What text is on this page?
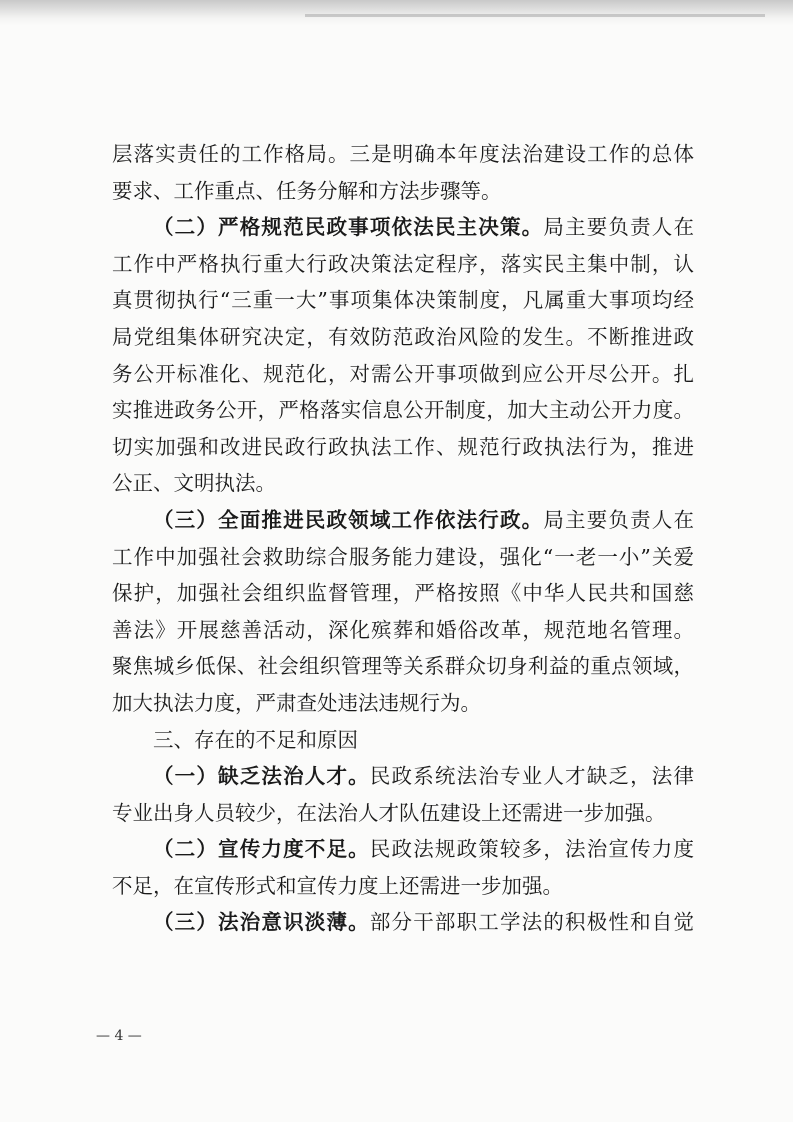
层落实责任的工作格局。三是明确本年度法治建设工作的总体
要求、工作重点、任务分解和方法步骤等。
（二）严格规范民政事项依法民主决策。局主要负责人在
工作中严格执行重大行政决策法定程序，落实民主集中制，认
真贯彻执行“三重一大”事项集体决策制度，凡属重大事项均经
局党组集体研究决定，有效防范政治风险的发生。不断推进政
务公开标准化、规范化，对需公开事项做到应公开尽公开。扎
实推进政务公开，严格落实信息公开制度，加大主动公开力度。
切实加强和改进民政行政执法工作、规范行政执法行为，推进
公正、文明执法。
（三）全面推进民政领域工作依法行政。局主要负责人在
工作中加强社会救助综合服务能力建设，强化“一老一小”关爱
保护，加强社会组织监督管理，严格按照《中华人民共和国慈
善法》开展慈善活动，深化殡葬和婚俗改革，规范地名管理。
聚焦城乡低保、社会组织管理等关系群众切身利益的重点领域，
加大执法力度，严肃查处违法违规行为。
三、存在的不足和原因
（一）缺乏法治人才。民政系统法治专业人才缺乏，法律
专业出身人员较少，在法治人才队伍建设上还需进一步加强。
（二）宣传力度不足。民政法规政策较多，法治宣传力度
不足，在宣传形式和宣传力度上还需进一步加强。
（三）法治意识淡薄。部分干部职工学法的积极性和自觉
— 4 —
